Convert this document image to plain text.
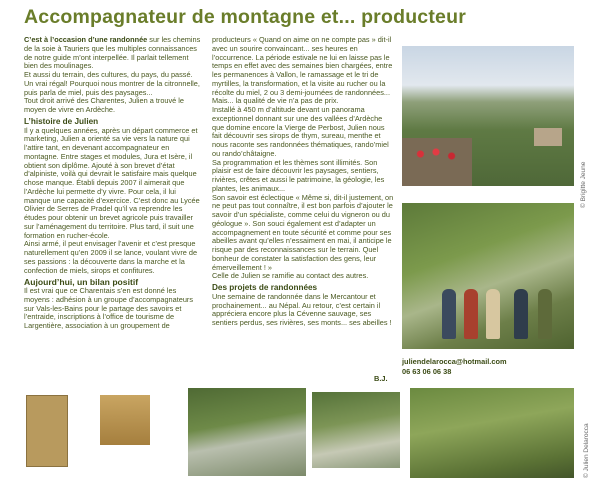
Accompagnateur de montagne et... producteur

C’est à l’occasion d’une randonnée sur les chemins de la soie à Tauriers que les multiples connaissances de notre guide m’ont interpellée. Il parlait tellement bien des moulinages.

Et aussi du terrain, des cultures, du pays, du passé. Un vrai régal! Pourquoi nous montrer de la citronnelle, puis parla de miel, puis des paysages...

Tout droit arrivé des Charentes, Julien a trouvé le moyen de vivre en Ardèche.

L’histoire de Julien

Il y a quelques années, après un départ commerce et marketing, Julien a orienté sa vie vers la nature qui l’attire tant, en devenant accompagnateur en montagne. Entre stages et modules, Jura et Isère, il obtient son diplôme. Ajouté à son brevet d’état d’alpiniste, voilà qui devrait le satisfaire mais quelque chose manque. Établi depuis 2007 il aimerait que l’Ardèche lui permette d’y vivre. Pour cela, il lui manque une capacité d’exercice. C’est donc au Lycée Olivier de Serres de Pradel qu’il va reprendre les études pour obtenir un brevet agricole puis travailler sur l’aménagement du territoire. Plus tard, il suit une formation en rucher-école.

Ainsi armé, il peut envisager l’avenir et c’est presque naturellement qu’en 2009 il se lance, voulant vivre de ses passions : la découverte dans la marche et la confection de miels, sirops et confitures.

Aujourd’hui, un bilan positif

Il est vrai que ce Charentais s’en est donné les moyens : adhésion à un groupe d’accompagnateurs sur Vals-les-Bains pour le partage des savoirs et l’entraide, inscriptions à l’office de tourisme de Largentière, association à un groupement de

producteurs « Quand on aime on ne compte pas » dit-il avec un sourire convaincant... ses heures en l’occurrence. La période estivale ne lui en laisse pas le temps en effet avec des semaines bien chargées, entre les permanences à Vallon, le ramassage et le tri de myrtilles, la transformation, et la visite au rucher ou la récolte du miel, 2 ou 3 demi-journées de randonnées... Mais... la qualité de vie n’a pas de prix.

Installé à 450 m d’altitude devant un panorama exceptionnel donnant sur une des vallées d’Ardèche que domine encore la Vierge de Perbost, Julien nous fait découvrir ses sirops de thym, sureau, menthe et nous raconte ses randonnées thématiques, rando’miel ou rando’châtaigne.

Sa programmation et les thèmes sont illimités. Son plaisir est de faire découvrir les paysages, sentiers, rivières, crêtes et aussi le patrimoine, la géologie, les plantes, les animaux...

Son savoir est éclectique « Même si, dit-il justement, on ne peut pas tout connaître, il est bon parfois d’ajouter le savoir d’un spécialiste, comme celui du vigneron ou du géologue ». Son souci également est d’adapter un accompagnement en toute sécurité et comme pour ses abeilles avant qu’elles n’essaiment en mai, il anticipe le risque par des reconnaissances sur le terrain. Quel bonheur de constater la satisfaction des gens, leur émerveillement ! »

Celle de Julien se ramifie au contact des autres.

Des projets de randonnées

Une semaine de randonnée dans le Mercantour et prochainement... au Népal. Au retour, c’est certain il appréciera encore plus la Cévenne sauvage, ses sentiers perdus, ses rivières, ses monts... ses abeilles !

© Brigitte Jeune
juliendelarocca@hotmail.com
06 63 06 06 38
B.J.
© Julien Delarocca
